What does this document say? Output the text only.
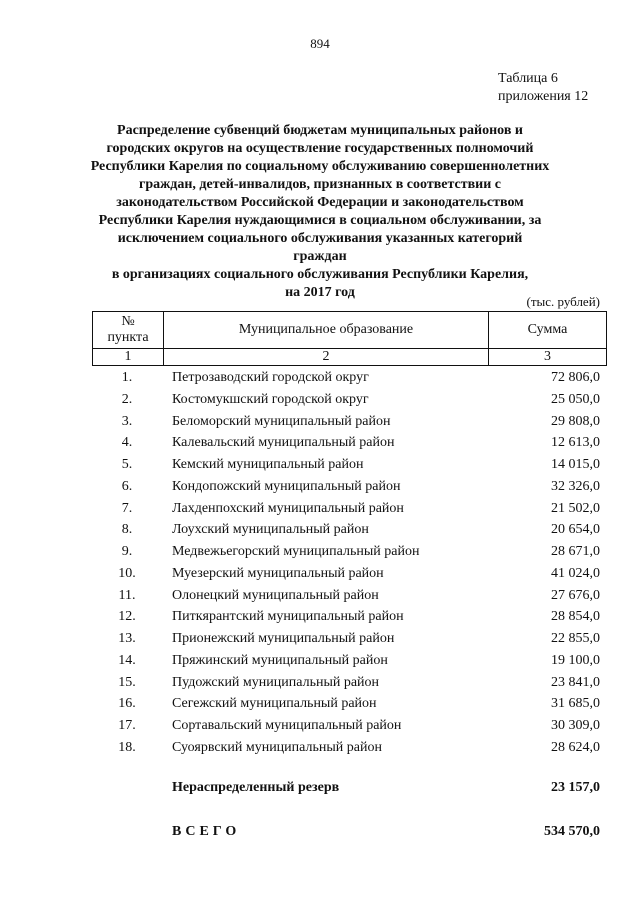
894
Таблица 6
приложения 12
Распределение субвенций бюджетам муниципальных районов и
городских округов на осуществление государственных полномочий
Республики Карелия по социальному обслуживанию совершеннолетних
граждан, детей-инвалидов, признанных в соответствии с
законодательством Российской Федерации и законодательством
Республики Карелия нуждающимися в социальном обслуживании, за
исключением социального обслуживания указанных категорий граждан
в организациях социального обслуживания Республики Карелия,
на 2017 год
(тыс. рублей)
№
пункта	Муниципальное образование	Сумма
1	2	3
1.	Петрозаводский городской округ	72 806,0
2.	Костомукшский городской округ	25 050,0
3.	Беломорский муниципальный район	29 808,0
4.	Калевальский муниципальный район	12 613,0
5.	Кемский муниципальный район	14 015,0
6.	Кондопожский муниципальный район	32 326,0
7.	Лахденпохский муниципальный район	21 502,0
8.	Лоухский муниципальный район	20 654,0
9.	Медвежьегорский муниципальный район	28 671,0
10.	Муезерский муниципальный район	41 024,0
11.	Олонецкий муниципальный район	27 676,0
12.	Питкярантский муниципальный район	28 854,0
13.	Прионежский муниципальный район	22 855,0
14.	Пряжинский муниципальный район	19 100,0
15.	Пудожский муниципальный район	23 841,0
16.	Сегежский муниципальный район	31 685,0
17.	Сортавальский муниципальный район	30 309,0
18.	Суоярвский муниципальный район	28 624,0
Нераспределенный резерв	23 157,0
ВСЕГО	534 570,0
